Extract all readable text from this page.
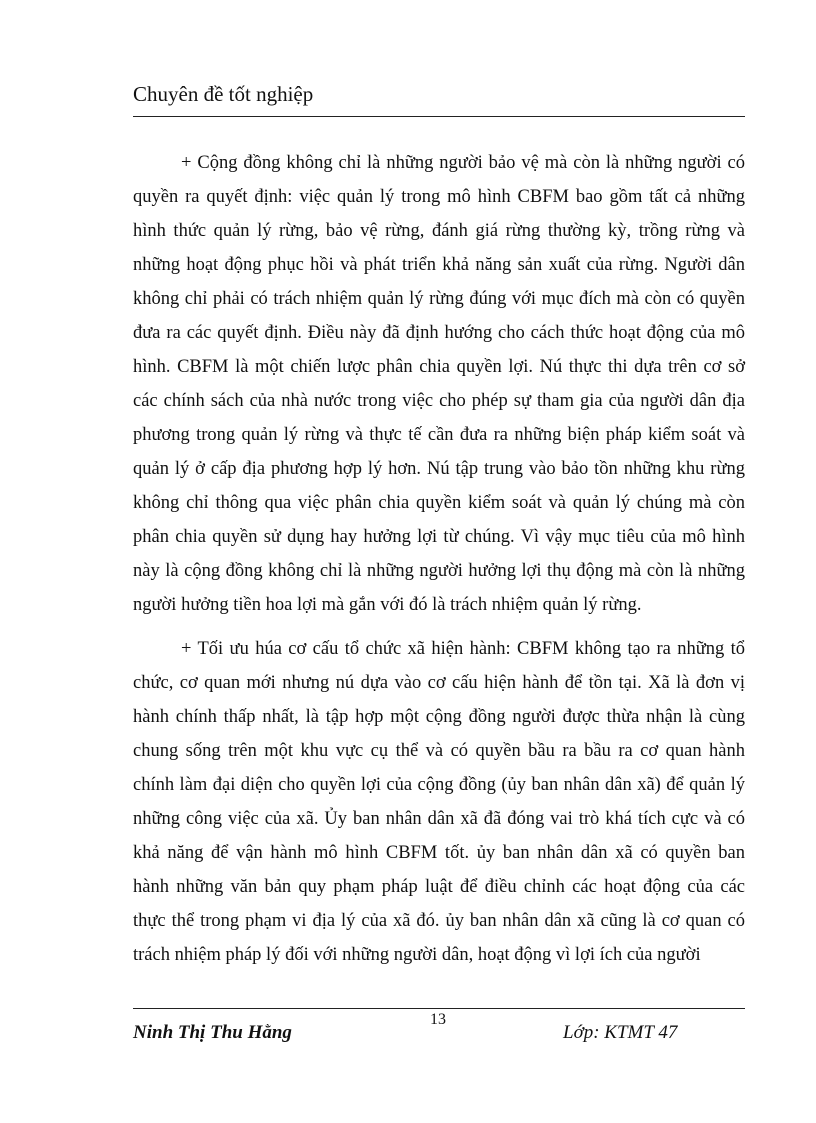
Chuyên đề tốt nghiệp
+ Cộng đồng không chỉ là những người bảo vệ mà còn là những người có
quyền ra quyết định: việc quản lý trong mô hình CBFM bao gồm tất cả những
hình thức quản lý rừng, bảo vệ rừng, đánh giá rừng thường kỳ, trồng rừng và
những hoạt động phục hồi và phát triển khả năng sản xuất của rừng. Người dân
không chỉ phải có trách nhiệm quản lý rừng đúng với mục đích mà còn có quyền
đưa ra các quyết định. Điều này đã định hướng cho cách thức hoạt động của mô
hình. CBFM là một chiến lược phân chia quyền lợi. Nú thực thi dựa trên cơ sở
các chính sách của nhà nước trong việc cho phép sự tham gia của người dân địa
phương trong quản lý rừng và thực tế cần đưa ra những biện pháp kiểm soát và
quản lý ở cấp địa phương hợp lý hơn. Nú tập trung vào bảo tồn những khu rừng
không chỉ thông qua việc phân chia quyền kiểm soát và quản lý chúng mà còn
phân chia quyền sử dụng hay hưởng lợi từ chúng. Vì vậy mục tiêu của mô hình
này là cộng đồng không chỉ là những người hưởng lợi thụ động mà còn là những
người hưởng tiền hoa lợi mà gắn với đó là trách nhiệm quản lý rừng.
+ Tối ưu húa cơ cấu tổ chức xã hiện hành: CBFM không tạo ra những tổ
chức, cơ quan mới nhưng nú dựa vào cơ cấu hiện hành để tồn tại. Xã là đơn vị
hành chính thấp nhất, là tập hợp một cộng đồng người được thừa nhận là cùng
chung sống trên một khu vực cụ thể và có quyền bầu ra bầu ra cơ quan hành
chính làm đại diện cho quyền lợi của cộng đồng (ủy ban nhân dân xã) để quản lý
những công việc của xã. Ủy ban nhân dân xã đã đóng vai trò khá tích cực và có
khả năng để vận hành mô hình CBFM tốt. ủy ban nhân dân xã có quyền ban
hành những văn bản quy phạm pháp luật để điều chỉnh các hoạt động của các
thực thể trong phạm vi địa lý của xã đó. ủy ban nhân dân xã cũng là cơ quan có
trách nhiệm pháp lý đối với những người dân, hoạt động vì lợi ích của người
13
Ninh Thị Thu Hằng	Lớp: KTMT 47
